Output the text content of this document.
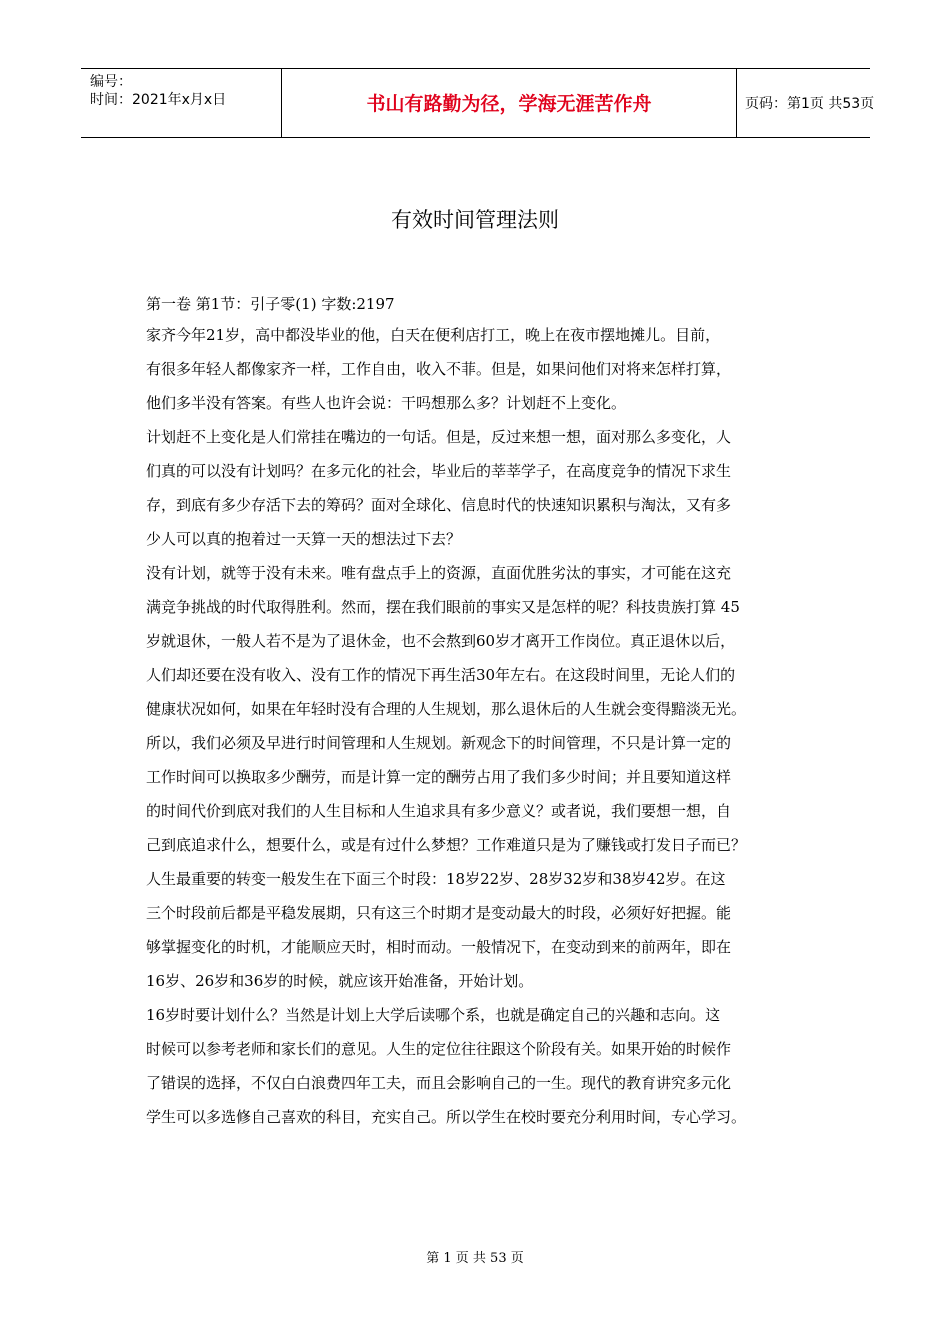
编号：
时间：2021年x月x日	书山有路勤为径，学海无涯苦作舟	页码：第1页 共53页
有效时间管理法则

第一卷 第1节：引子零(1) 字数:2197

家齐今年21岁，高中都没毕业的他，白天在便利店打工，晚上在夜市摆地摊儿。目前，
有很多年轻人都像家齐一样，工作自由，收入不菲。但是，如果问他们对将来怎样打算，
他们多半没有答案。有些人也许会说：干吗想那么多？计划赶不上变化。

计划赶不上变化是人们常挂在嘴边的一句话。但是，反过来想一想，面对那么多变化，人
们真的可以没有计划吗？在多元化的社会，毕业后的莘莘学子，在高度竞争的情况下求生
存，到底有多少存活下去的筹码？面对全球化、信息时代的快速知识累积与淘汰，又有多
少人可以真的抱着过一天算一天的想法过下去？

没有计划，就等于没有未来。唯有盘点手上的资源，直面优胜劣汰的事实，才可能在这充
满竞争挑战的时代取得胜利。然而，摆在我们眼前的事实又是怎样的呢？科技贵族打算 45
岁就退休，一般人若不是为了退休金，也不会熬到60岁才离开工作岗位。真正退休以后，
人们却还要在没有收入、没有工作的情况下再生活30年左右。在这段时间里，无论人们的
健康状况如何，如果在年轻时没有合理的人生规划，那么退休后的人生就会变得黯淡无光。

所以，我们必须及早进行时间管理和人生规划。新观念下的时间管理，不只是计算一定的
工作时间可以换取多少酬劳，而是计算一定的酬劳占用了我们多少时间；并且要知道这样
的时间代价到底对我们的人生目标和人生追求具有多少意义？或者说，我们要想一想，自
己到底追求什么，想要什么，或是有过什么梦想？工作难道只是为了赚钱或打发日子而已？

人生最重要的转变一般发生在下面三个时段：18岁22岁、28岁32岁和38岁42岁。在这
三个时段前后都是平稳发展期，只有这三个时期才是变动最大的时段，必须好好把握。能
够掌握变化的时机，才能顺应天时，相时而动。一般情况下，在变动到来的前两年，即在
16岁、26岁和36岁的时候，就应该开始准备，开始计划。

16岁时要计划什么？当然是计划上大学后读哪个系，也就是确定自己的兴趣和志向。这
时候可以参考老师和家长们的意见。人生的定位往往跟这个阶段有关。如果开始的时候作
了错误的选择，不仅白白浪费四年工夫，而且会影响自己的一生。现代的教育讲究多元化
学生可以多选修自己喜欢的科目，充实自己。所以学生在校时要充分利用时间，专心学习。

第 1 页 共 53 页
